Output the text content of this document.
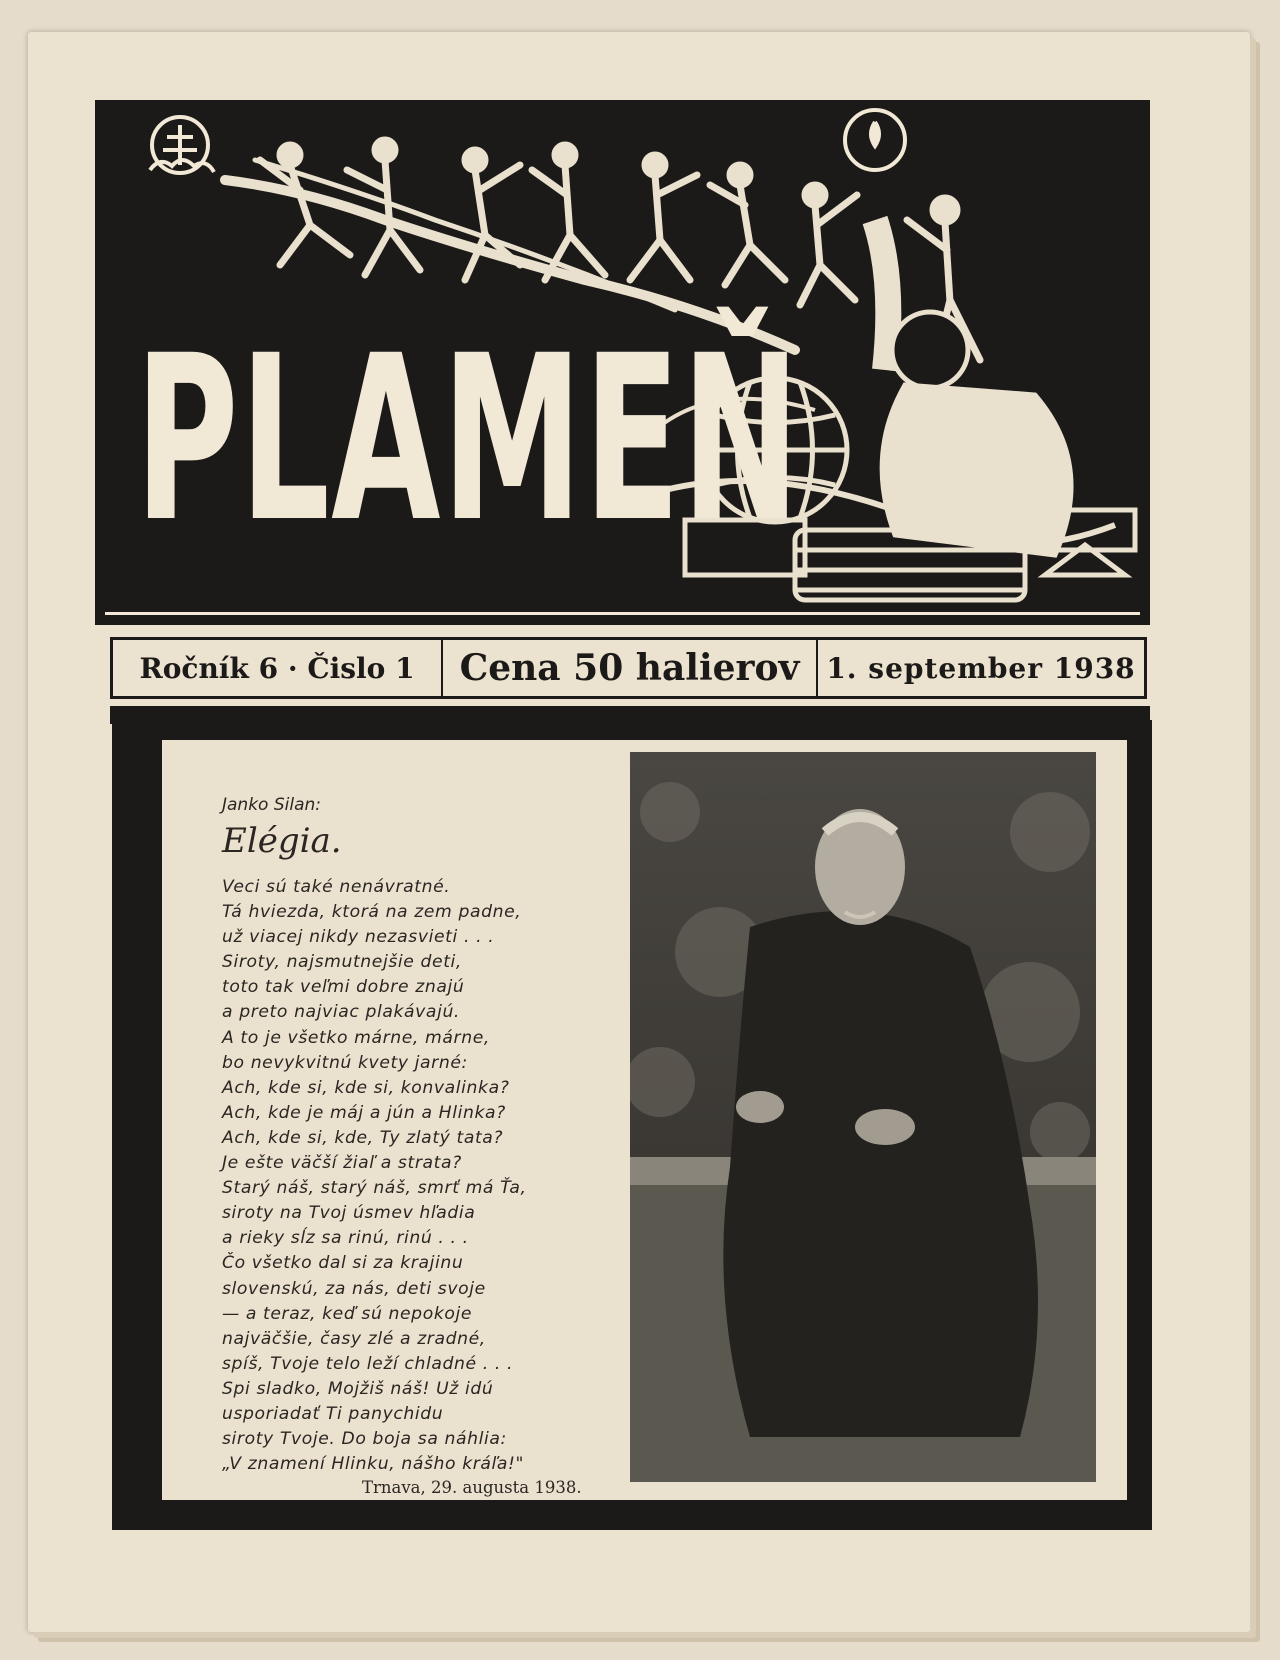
PLAMEŇ
Ročník 6 · Čislo 1	Cena 50 halierov 1. september 1938
Janko Silan:
Elégia.
Veci sú také nenávratné.
Tá hviezda, ktorá na zem padne,
už viacej nikdy nezasvieti . . .
Siroty, najsmutnejšie deti,
toto tak veľmi dobre znajú
a preto najviac plakávajú.
A to je všetko márne, márne,
bo nevykvitnú kvety jarné:
Ach, kde si, kde si, konvalinka?
Ach, kde je máj a jún a Hlinka?
Ach, kde si, kde, Ty zlatý tata?
Je ešte väčší žiaľ a strata?
Starý náš, starý náš, smrť má Ťa,
siroty na Tvoj úsmev hľadia
a rieky sĺz sa rinú, rinú . . .
Čo všetko dal si za krajinu
slovenskú, za nás, deti svoje
— a teraz, keď sú nepokoje
najväčšie, časy zlé a zradné,
spíš, Tvoje telo leží chladné . . .
Spi sladko, Mojžiš náš! Už idú
usporiadať Ti panychidu
siroty Tvoje. Do boja sa náhlia:
„V znamení Hlinku, nášho kráľa!"
Trnava, 29. augusta 1938.
